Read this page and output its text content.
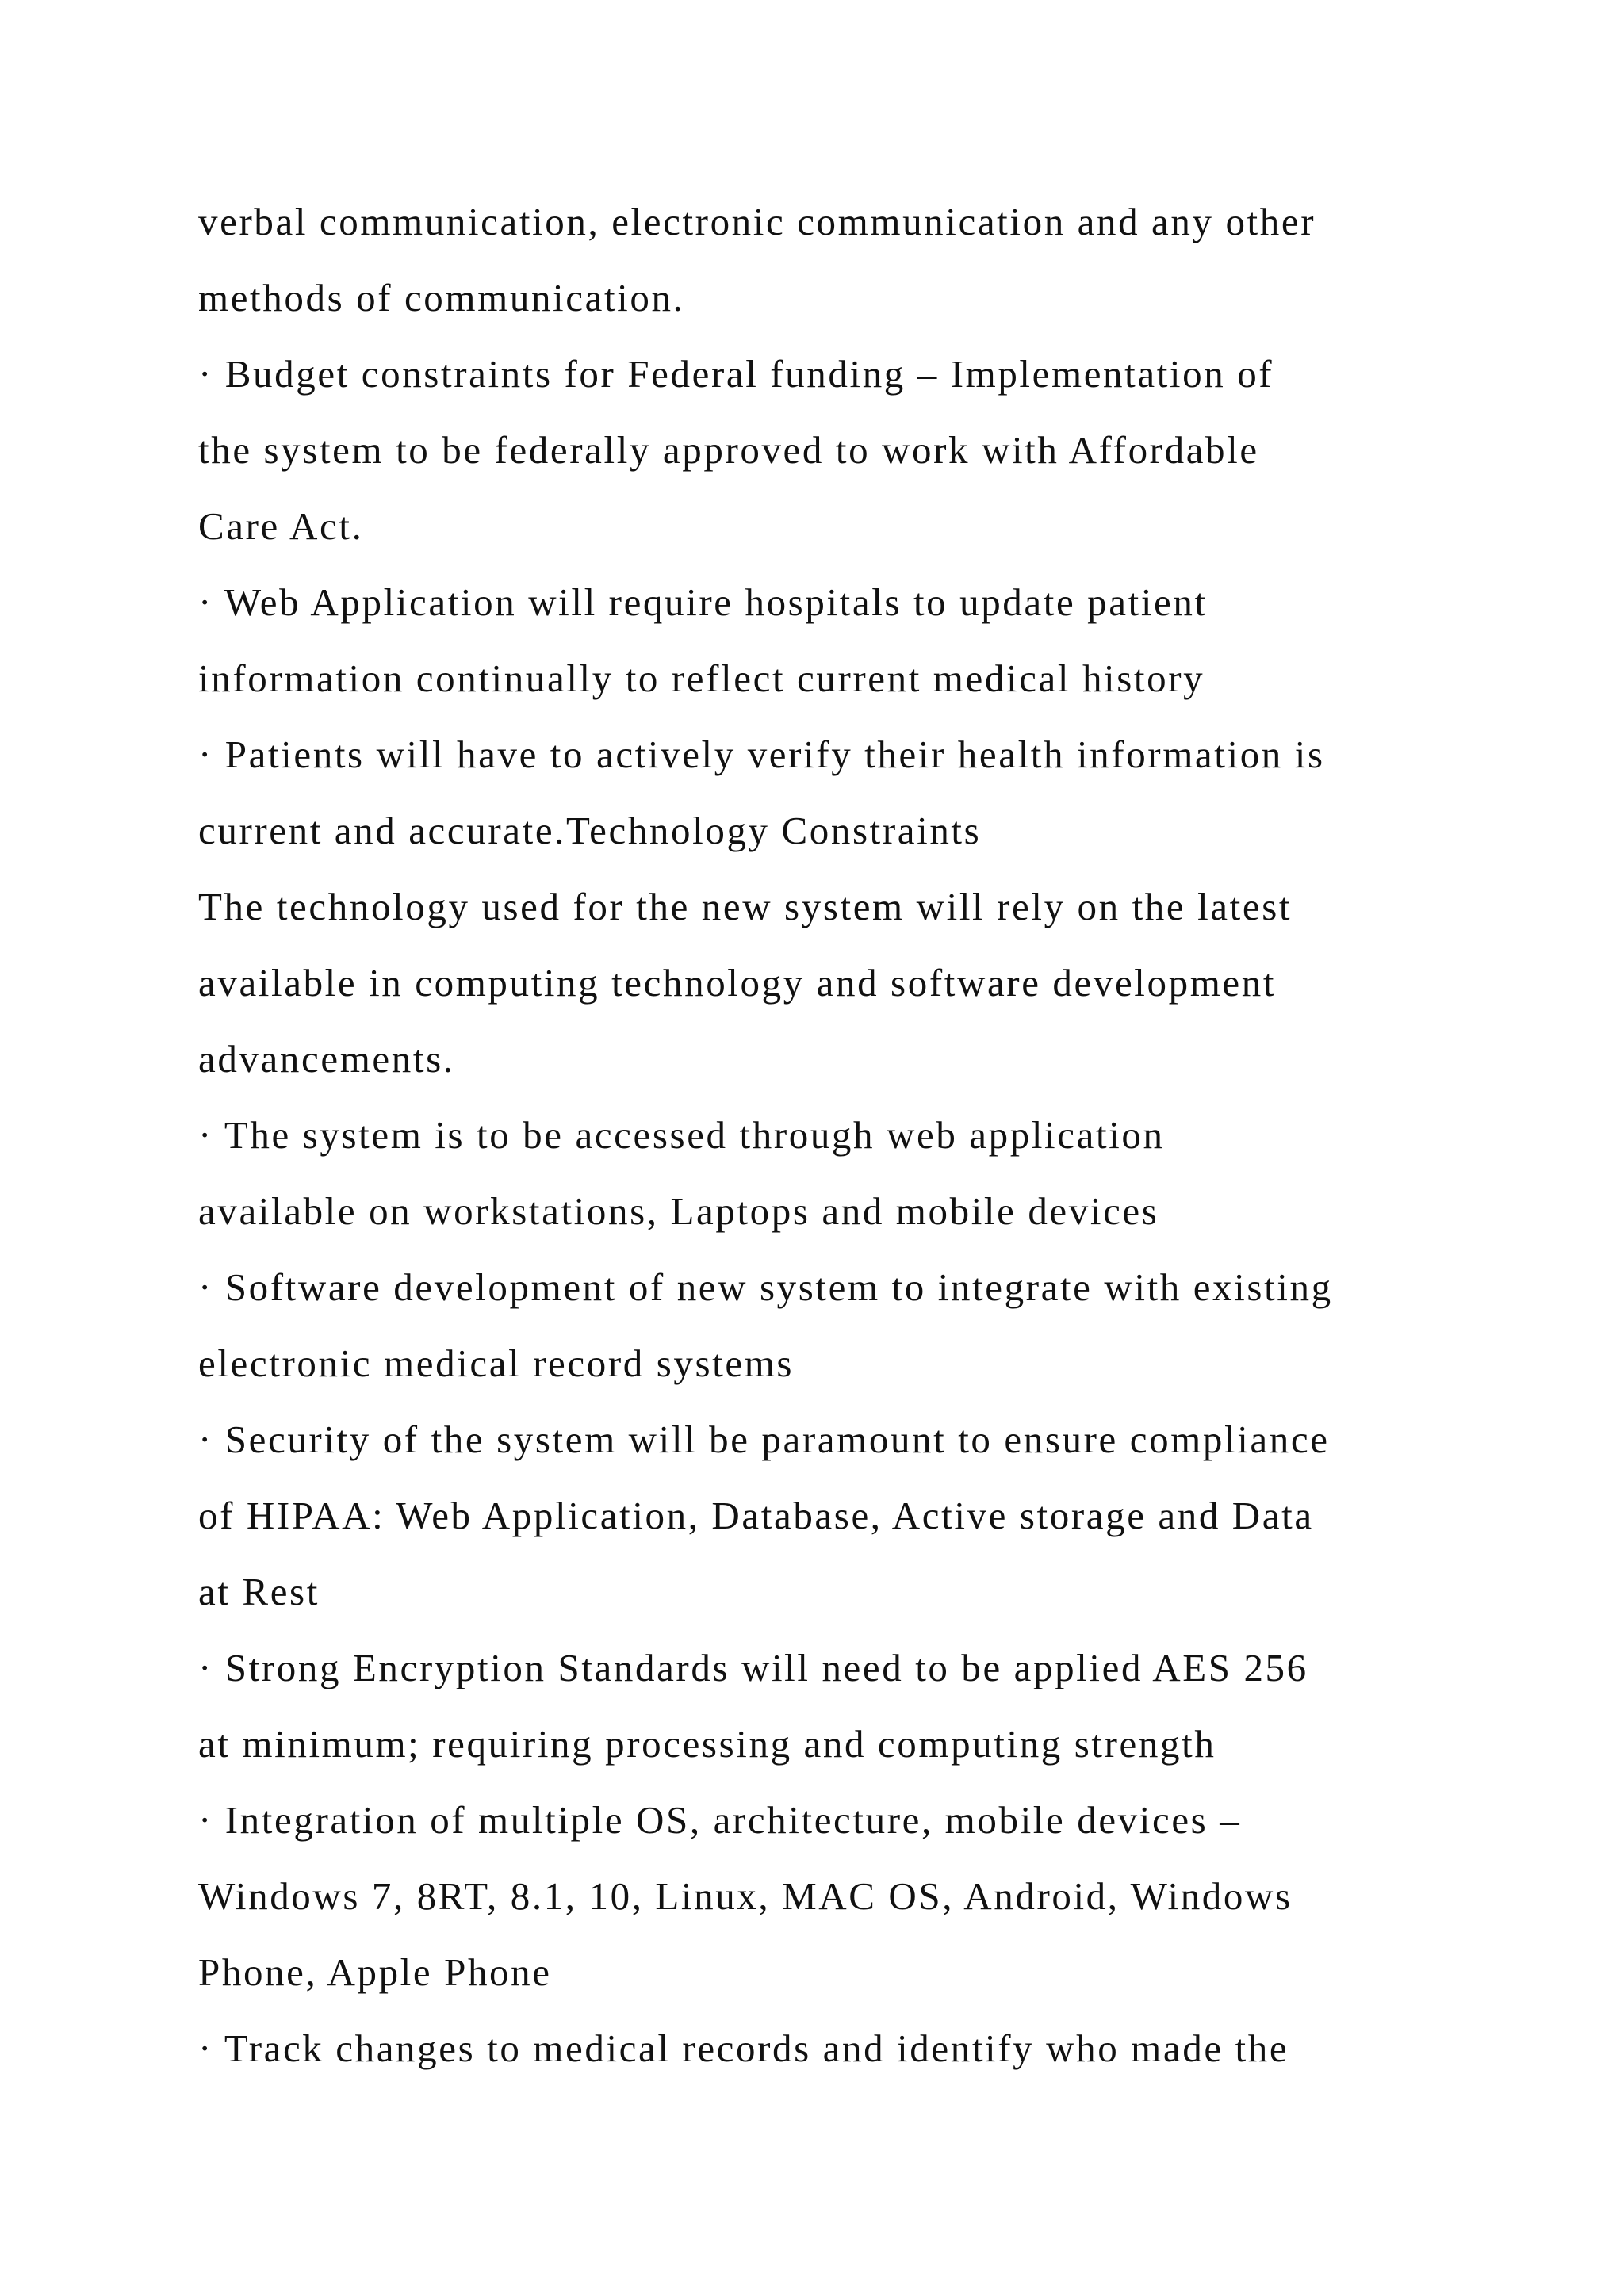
verbal communication, electronic communication and any other
methods of communication.
· Budget constraints for Federal funding – Implementation of
the system to be federally approved to work with Affordable
Care Act.
· Web Application will require hospitals to update patient
information continually to reflect current medical history
· Patients will have to actively verify their health information is
current and accurate.Technology Constraints
The technology used for the new system will rely on the latest
available in computing technology and software development
advancements.
· The system is to be accessed through web application
available on workstations, Laptops and mobile devices
· Software development of new system to integrate with existing
electronic medical record systems
· Security of the system will be paramount to ensure compliance
of HIPAA: Web Application, Database, Active storage and Data
at Rest
· Strong Encryption Standards will need to be applied AES 256
at minimum; requiring processing and computing strength
· Integration of multiple OS, architecture, mobile devices –
Windows 7, 8RT, 8.1, 10, Linux, MAC OS, Android, Windows
Phone, Apple Phone
· Track changes to medical records and identify who made the
